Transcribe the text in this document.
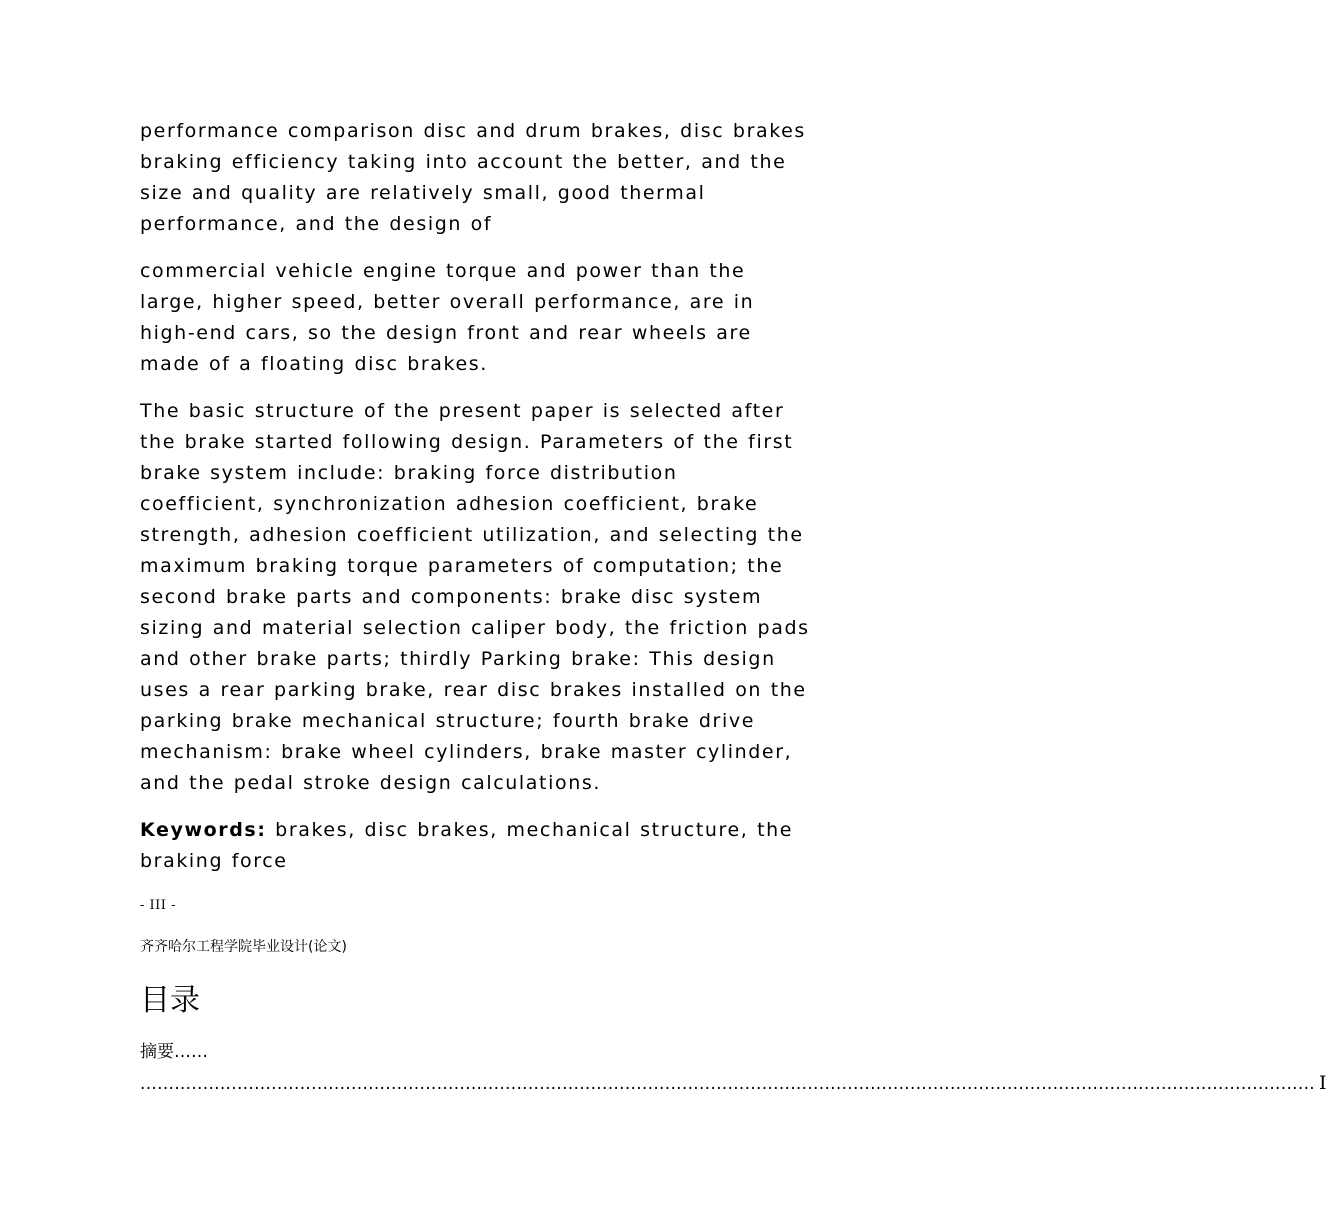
performance comparison disc and drum brakes, disc brakes braking efficiency taking into account the better, and the size and quality are relatively small, good thermal performance, and the design of

commercial vehicle engine torque and power than the large, higher speed, better overall performance, are in high-end cars, so the design front and rear wheels are made of a floating disc brakes.

The basic structure of the present paper is selected after the brake started following design. Parameters of the first brake system include: braking force distribution coefficient, synchronization adhesion coefficient, brake strength, adhesion coefficient utilization, and selecting the maximum braking torque parameters of computation; the second brake parts and components: brake disc system sizing and material selection caliper body, the friction pads and other brake parts; thirdly Parking brake: This design uses a rear parking brake, rear disc brakes installed on the parking brake mechanical structure; fourth brake drive mechanism: brake wheel cylinders, brake master cylinder, and the pedal stroke design calculations.

Keywords: brakes, disc brakes, mechanical structure, the braking force

- III -
齐齐哈尔工程学院毕业设计(论文)
目录
摘要……
.............................................................................................................................................................................................................. I
